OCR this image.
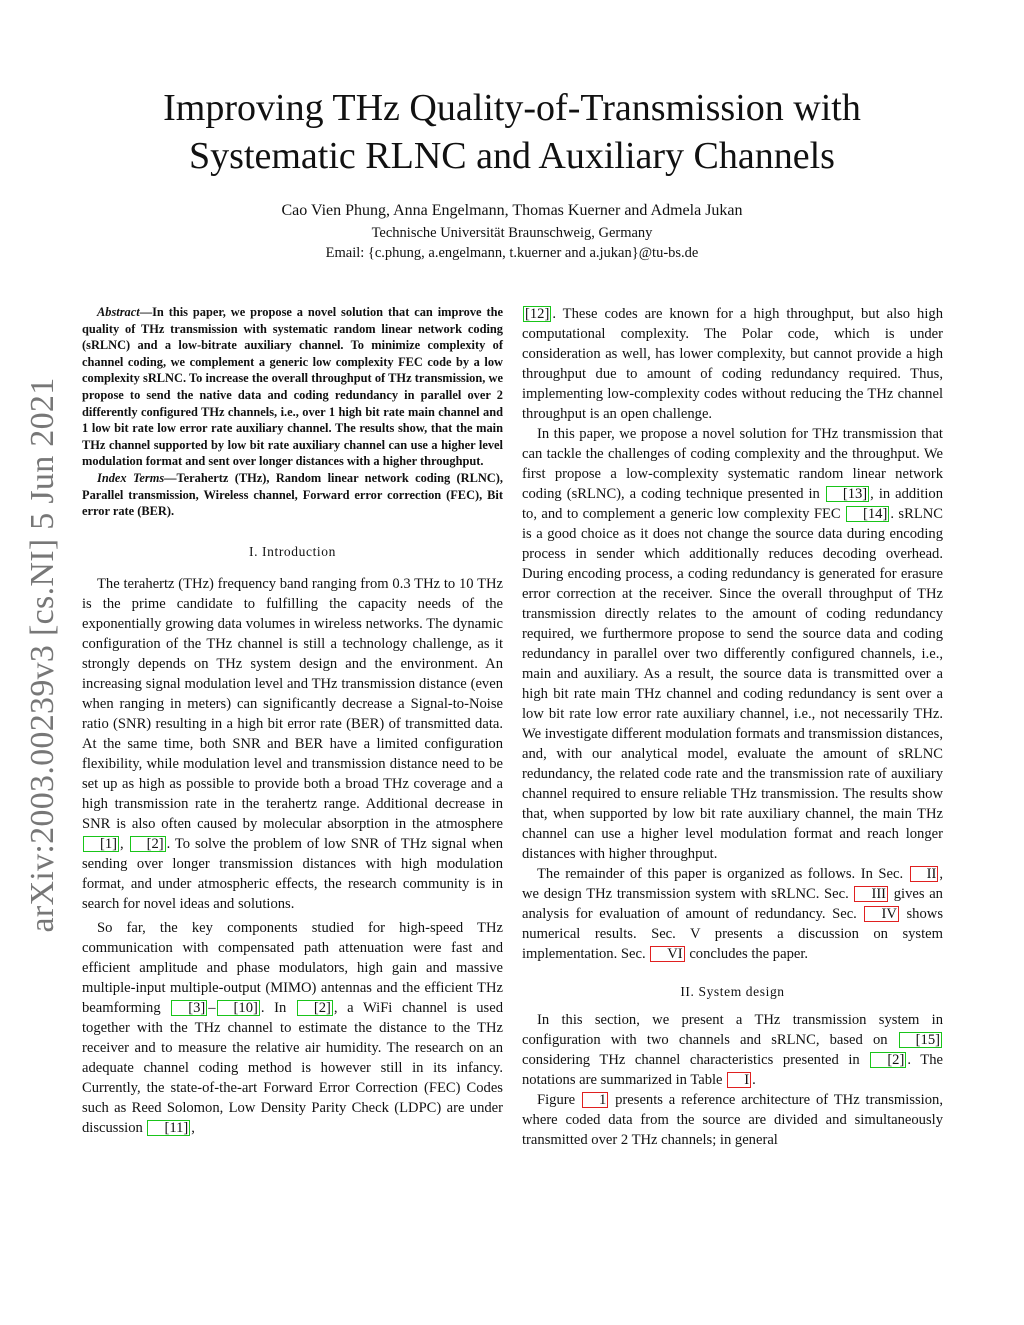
arXiv:2003.00239v3 [cs.NI] 5 Jun 2021
Improving THz Quality-of-Transmission with
Systematic RLNC and Auxiliary Channels
Cao Vien Phung, Anna Engelmann, Thomas Kuerner and Admela Jukan
Technische Universität Braunschweig, Germany
Email: {c.phung, a.engelmann, t.kuerner and a.jukan}@tu-bs.de
Abstract—In this paper, we propose a novel solution that can improve the quality of THz transmission with systematic random linear network coding (sRLNC) and a low-bitrate auxiliary channel. To minimize complexity of channel coding, we complement a generic low complexity FEC code by a low complexity sRLNC. To increase the overall throughput of THz transmission, we propose to send the native data and coding redundancy in parallel over 2 differently configured THz channels, i.e., over 1 high bit rate main channel and 1 low bit rate low error rate auxiliary channel. The results show, that the main THz channel supported by low bit rate auxiliary channel can use a higher level modulation format and sent over longer distances with a higher throughput.
Index Terms—Terahertz (THz), Random linear network coding (RLNC), Parallel transmission, Wireless channel, Forward error correction (FEC), Bit error rate (BER).
I. Introduction

The terahertz (THz) frequency band ranging from 0.3 THz to 10 THz is the prime candidate to fulfilling the capacity needs of the exponentially growing data volumes in wireless networks. The dynamic configuration of the THz channel is still a technology challenge, as it strongly depends on THz system design and the environment. An increasing signal modulation level and THz transmission distance (even when ranging in meters) can significantly decrease a Signal-to-Noise ratio (SNR) resulting in a high bit error rate (BER) of transmitted data. At the same time, both SNR and BER have a limited configuration flexibility, while modulation level and transmission distance need to be set up as high as possible to provide both a broad THz coverage and a high transmission rate in the terahertz range. Additional decrease in SNR is also often caused by molecular absorption in the atmosphere [1] , [2] . To solve the problem of low SNR of THz signal when sending over longer transmission distances with high modulation format, and under atmospheric effects, the research community is in search for novel ideas and solutions.

So far, the key components studied for high-speed THz communication with compensated path attenuation were fast and efficient amplitude and phase modulators, high gain and massive multiple-input multiple-output (MIMO) antennas and the efficient THz beamforming [3] – [10] . In [2] , a WiFi channel is used together with the THz channel to estimate the distance to the THz receiver and to measure the relative air humidity. The research on an adequate channel coding method is however still in its infancy. Currently, the state-of-the-art Forward Error Correction (FEC) Codes such as Reed Solomon, Low Density Parity Check (LDPC) are under discussion [11] ,

[12] . These codes are known for a high throughput, but also high computational complexity. The Polar code, which is under consideration as well, has lower complexity, but cannot provide a high throughput due to amount of coding redundancy required. Thus, implementing low-complexity codes without reducing the THz channel throughput is an open challenge.

In this paper, we propose a novel solution for THz transmission that can tackle the challenges of coding complexity and the throughput. We first propose a low-complexity systematic random linear network coding (sRLNC), a coding technique presented in [13] , in addition to, and to complement a generic low complexity FEC [14] . sRLNC is a good choice as it does not change the source data during encoding process in sender which additionally reduces decoding overhead. During encoding process, a coding redundancy is generated for erasure error correction at the receiver. Since the overall throughput of THz transmission directly relates to the amount of coding redundancy required, we furthermore propose to send the source data and coding redundancy in parallel over two differently configured channels, i.e., main and auxiliary. As a result, the source data is transmitted over a high bit rate main THz channel and coding redundancy is sent over a low bit rate low error rate auxiliary channel, i.e., not necessarily THz. We investigate different modulation formats and transmission distances, and, with our analytical model, evaluate the amount of sRLNC redundancy, the related code rate and the transmission rate of auxiliary channel required to ensure reliable THz transmission. The results show that, when supported by low bit rate auxiliary channel, the main THz channel can use a higher level modulation format and reach longer distances with higher throughput.

The remainder of this paper is organized as follows. In Sec. II , we design THz transmission system with sRLNC. Sec. III gives an analysis for evaluation of amount of redundancy. Sec. IV shows numerical results. Sec. V presents a discussion on system implementation. Sec. VI concludes the paper.

II. System design

In this section, we present a THz transmission system in configuration with two channels and sRLNC, based on [15] considering THz channel characteristics presented in [2] . The notations are summarized in Table I .

Figure 1 presents a reference architecture of THz transmission, where coded data from the source are divided and simultaneously transmitted over 2 THz channels; in general
